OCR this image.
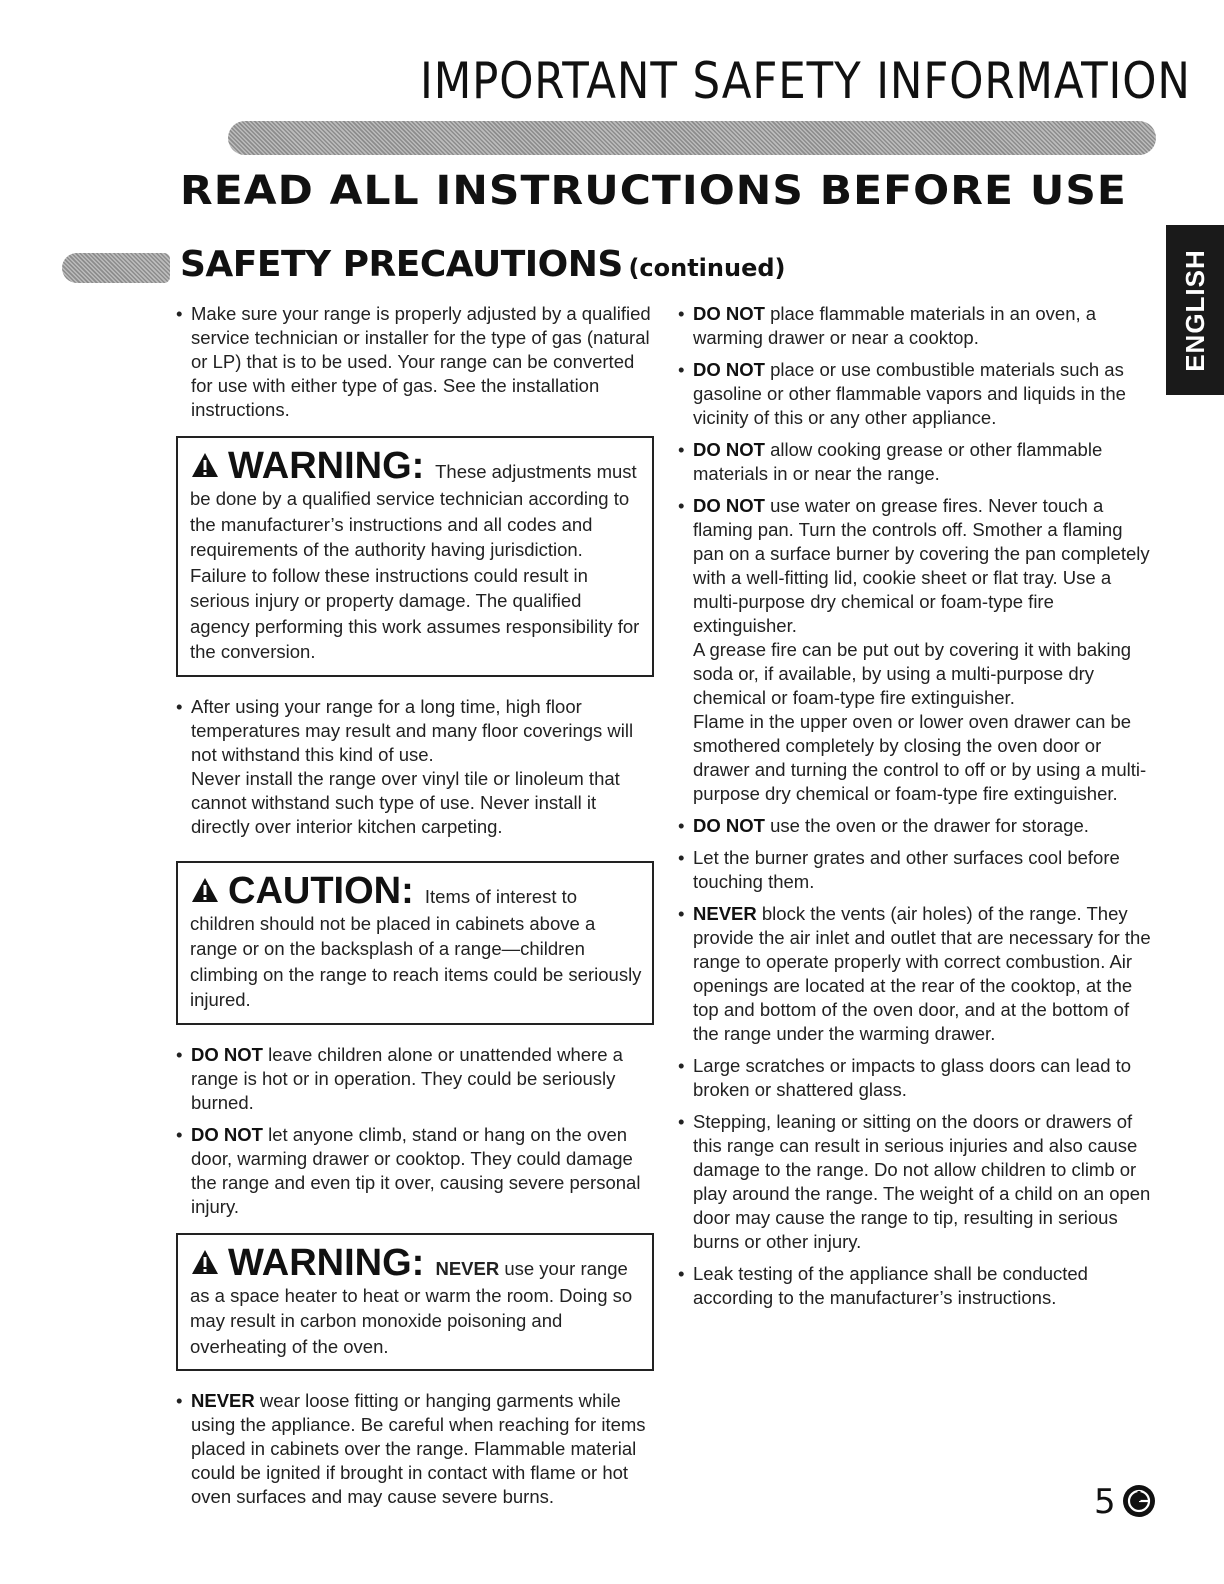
IMPORTANT SAFETY INFORMATION
READ ALL INSTRUCTIONS BEFORE USE
SAFETY PRECAUTIONS (continued)	ENGLISH
• Make sure your range is properly adjusted by a qualified service technician or installer for the type of gas (natural or LP) that is to be used. Your range can be converted for use with either type of gas. See the installation instructions.
WARNING: These adjustments must be done by a qualified service technician according to the manufacturer’s instructions and all codes and requirements of the authority having jurisdiction. Failure to follow these instructions could result in serious injury or property damage. The qualified agency performing this work assumes responsibility for the conversion.
• After using your range for a long time, high floor temperatures may result and many floor coverings will not withstand this kind of use.
Never install the range over vinyl tile or linoleum that cannot withstand such type of use. Never install it directly over interior kitchen carpeting.
CAUTION: Items of interest to children should not be placed in cabinets above a range or on the backsplash of a range—children climbing on the range to reach items could be seriously injured.
• DO NOT leave children alone or unattended where a range is hot or in operation. They could be seriously burned.
• DO NOT let anyone climb, stand or hang on the oven door, warming drawer or cooktop. They could damage the range and even tip it over, causing severe personal injury.
WARNING: NEVER use your range as a space heater to heat or warm the room. Doing so may result in carbon monoxide poisoning and overheating of the oven.
• NEVER wear loose fitting or hanging garments while using the appliance. Be careful when reaching for items placed in cabinets over the range. Flammable material could be ignited if brought in contact with flame or hot oven surfaces and may cause severe burns.
• DO NOT place flammable materials in an oven, a warming drawer or near a cooktop.
• DO NOT place or use combustible materials such as gasoline or other flammable vapors and liquids in the vicinity of this or any other appliance.
• DO NOT allow cooking grease or other flammable materials in or near the range.
• DO NOT use water on grease fires. Never touch a flaming pan. Turn the controls off. Smother a flaming pan on a surface burner by covering the pan completely with a well-fitting lid, cookie sheet or flat tray. Use a multi-purpose dry chemical or foam-type fire extinguisher.
A grease fire can be put out by covering it with baking soda or, if available, by using a multi-purpose dry chemical or foam-type fire extinguisher.
Flame in the upper oven or lower oven drawer can be smothered completely by closing the oven door or drawer and turning the control to off or by using a multi-purpose dry chemical or foam-type fire extinguisher.
• DO NOT use the oven or the drawer for storage.
• Let the burner grates and other surfaces cool before touching them.
• NEVER block the vents (air holes) of the range. They provide the air inlet and outlet that are necessary for the range to operate properly with correct combustion. Air openings are located at the rear of the cooktop, at the top and bottom of the oven door, and at the bottom of the range under the warming drawer.
• Large scratches or impacts to glass doors can lead to broken or shattered glass.
• Stepping, leaning or sitting on the doors or drawers of this range can result in serious injuries and also cause damage to the range. Do not allow children to climb or play around the range. The weight of a child on an open door may cause the range to tip, resulting in serious burns or other injury.
• Leak testing of the appliance shall be conducted according to the manufacturer’s instructions.
5
